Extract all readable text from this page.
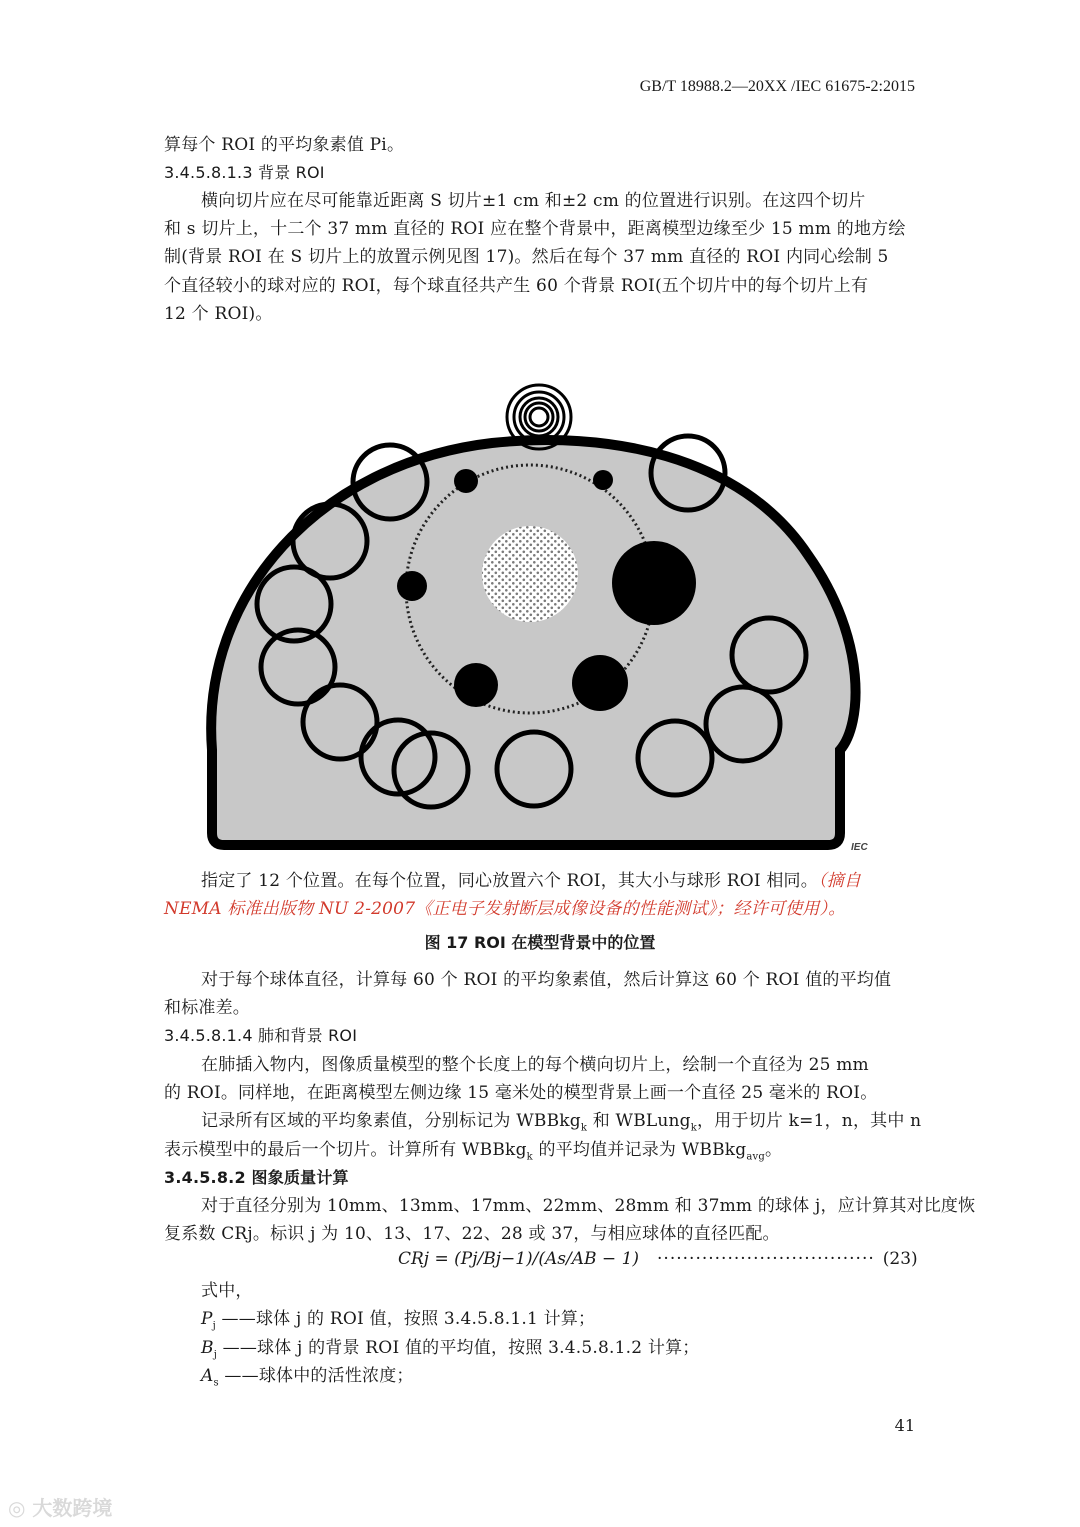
GB/T 18988.2—20XX /IEC 61675-2:2015
算每个 ROI 的平均象素值 Pi。
3.4.5.8.1.3 背景 ROI
横向切片应在尽可能靠近距离 S 切片±1 cm 和±2 cm 的位置进行识别。在这四个切片
和 s 切片上，十二个 37 mm 直径的 ROI 应在整个背景中，距离模型边缘至少 15 mm 的地方绘
制(背景 ROI 在 S 切片上的放置示例见图 17)。然后在每个 37 mm 直径的 ROI 内同心绘制 5
个直径较小的球对应的 ROI，每个球直径共产生 60 个背景 ROI(五个切片中的每个切片上有
12 个 ROI)。
IEC
指定了 12 个位置。在每个位置，同心放置六个 ROI，其大小与球形 ROI 相同。（摘自
NEMA 标准出版物 NU 2-2007《正电子发射断层成像设备的性能测试》；经许可使用）。
图 17 ROI 在模型背景中的位置
对于每个球体直径，计算每 60 个 ROI 的平均象素值，然后计算这 60 个 ROI 值的平均值
和标准差。
3.4.5.8.1.4 肺和背景 ROI
在肺插入物内，图像质量模型的整个长度上的每个横向切片上，绘制一个直径为 25 mm
的 ROI。同样地，在距离模型左侧边缘 15 毫米处的模型背景上画一个直径 25 毫米的 ROI。
记录所有区域的平均象素值，分别标记为 WBBkg$_k$ 和 WBLung$_k$，用于切片 k=1，n，其中 n
表示模型中的最后一个切片。计算所有 WBBkg$_k$ 的平均值并记录为 WBBkg$_{avg}$。
3.4.5.8.2 图象质量计算
对于直径分别为 10mm、13mm、17mm、22mm、28mm 和 37mm 的球体 j，应计算其对比度恢
复系数 CRj。标识 j 为 10、13、17、22、28 或 37，与相应球体的直径匹配。
CRj = (Pj/Bj−1)/(As/AB − 1) ·································· (23)
式中，
$P_j$ ——球体 j 的 ROI 值，按照 3.4.5.8.1.1 计算；
$B_j$ ——球体 j 的背景 ROI 值的平均值，按照 3.4.5.8.1.2 计算；
$A_s$ ——球体中的活性浓度；
41
◎ 大数跨境
